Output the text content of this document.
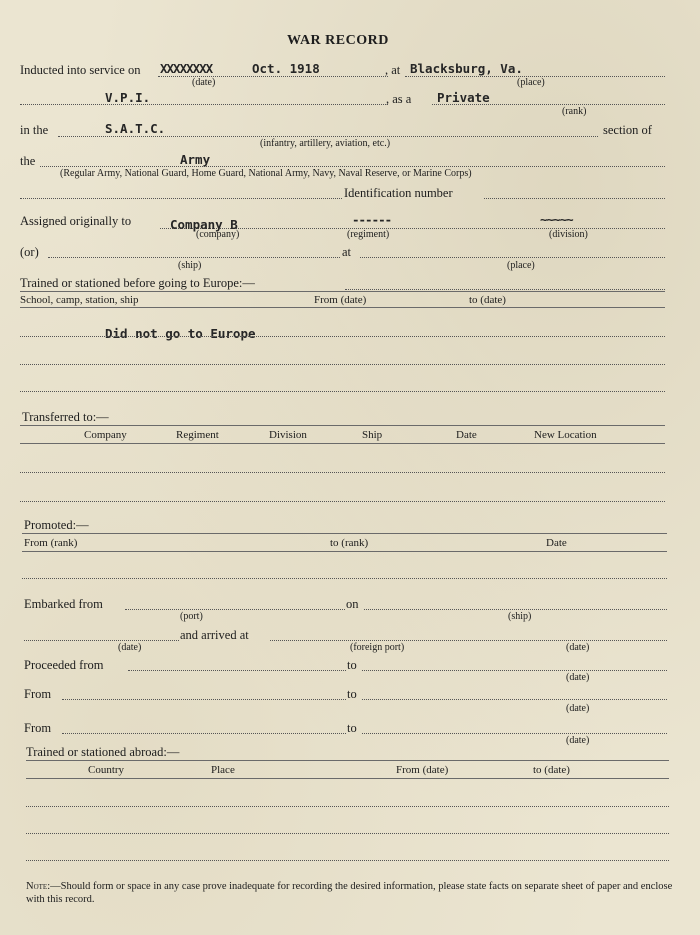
WAR RECORD
Inducted into service on XXXXXXXX	Oct. 1918	, at Blacksburg, Va.
(date)	(place)
V.P.I.	, as a Private
(rank)
in the	S.A.T.C.	section of
(infantry, artillery, aviation, etc.)
the	Army
(Regular Army, National Guard, Home Guard, National Army, Navy, Naval Reserve, or Marine Corps)
Identification number
Assigned originally to	Company B	------	~~~~~
(company)	(regiment)	(division)
(or)	at
(ship)	(place)
Trained or stationed before going to Europe:—
School, camp, station, ship	From (date)	to (date)
Did not go to Europe
Transferred to:—
Company	Regiment	Division	Ship	Date	New Location
Promoted:—
From (rank)	to (rank)	Date
Embarked from	on
(port)	(ship)
and arrived at
(date)	(foreign port)	(date)
Proceeded from	to
(date)
From	to
(date)
From	to
(date)
Trained or stationed abroad:—
Country	Place	From (date)	to (date)
Note:—Should form or space in any case prove inadequate for recording the desired information, please state facts on separate sheet of paper and enclose with this record.
